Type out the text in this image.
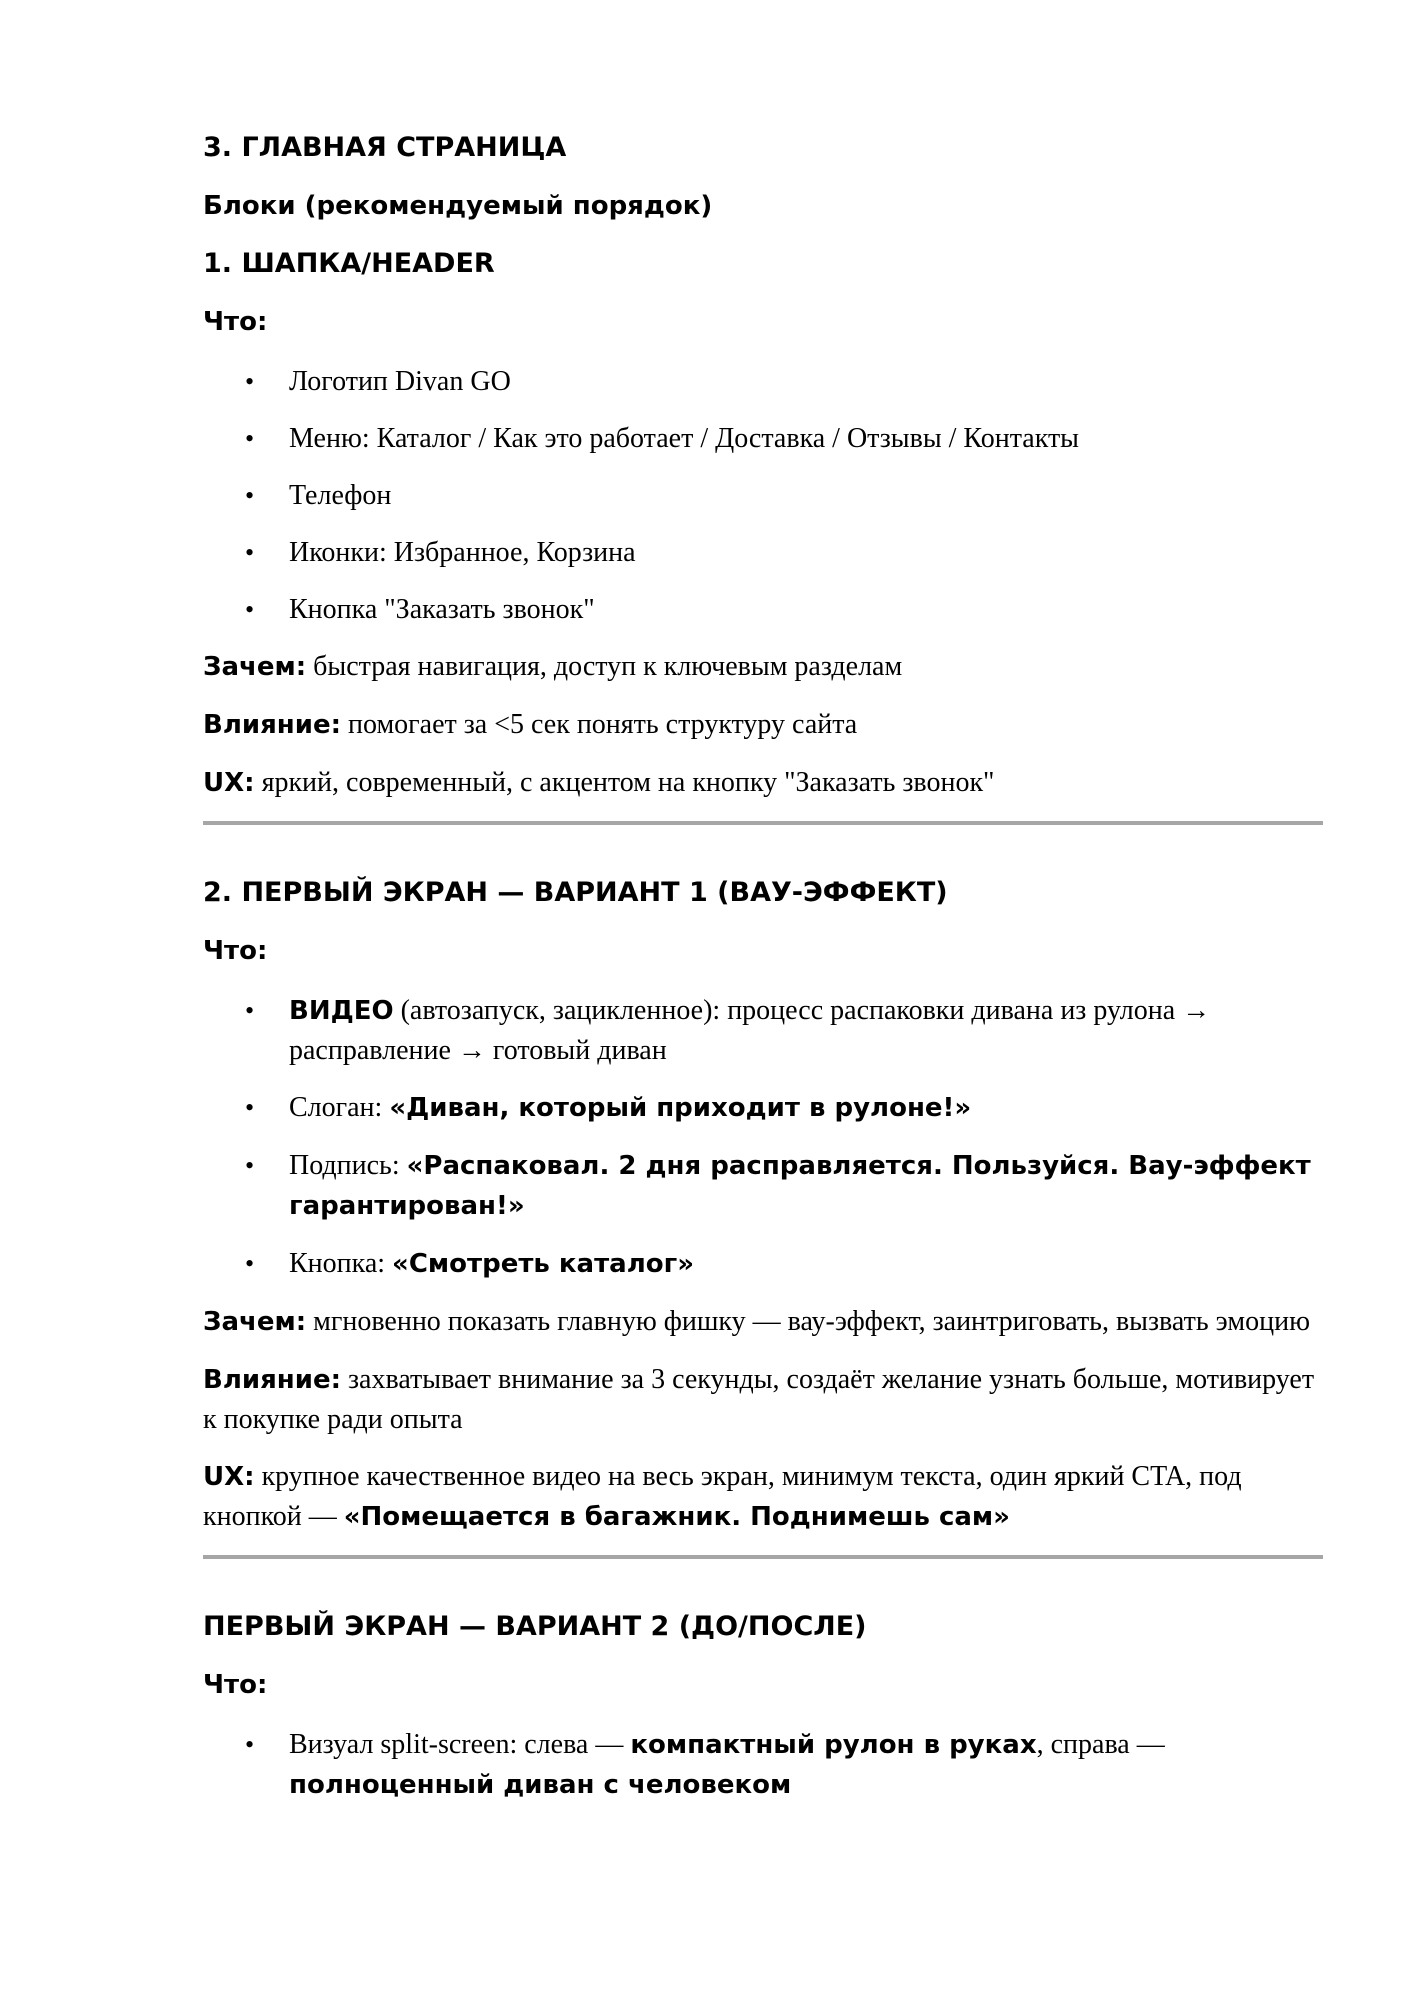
3. ГЛАВНАЯ СТРАНИЦА
Блоки (рекомендуемый порядок)
1. ШАПКА/HEADER
Что:
• Логотип Divan GO
• Меню: Каталог / Как это работает / Доставка / Отзывы / Контакты
• Телефон
• Иконки: Избранное, Корзина
• Кнопка "Заказать звонок"

Зачем: быстрая навигация, доступ к ключевым разделам

Влияние: помогает за <5 сек понять структуру сайта

UX: яркий, современный, с акцентом на кнопку "Заказать звонок"

2. ПЕРВЫЙ ЭКРАН — ВАРИАНТ 1 (ВАУ-ЭФФЕКТ)
Что:
• ВИДЕО (автозапуск, зацикленное): процесс распаковки дивана из рулона → расправление → готовый диван
• Слоган: «Диван, который приходит в рулоне!»
• Подпись: «Распаковал. 2 дня расправляется. Пользуйся. Вау-эффект гарантирован!»
• Кнопка: «Смотреть каталог»

Зачем: мгновенно показать главную фишку — вау-эффект, заинтриговать, вызвать эмоцию

Влияние: захватывает внимание за 3 секунды, создаёт желание узнать больше, мотивирует к покупке ради опыта

UX: крупное качественное видео на весь экран, минимум текста, один яркий CTA, под кнопкой — «Помещается в багажник. Поднимешь сам»

ПЕРВЫЙ ЭКРАН — ВАРИАНТ 2 (ДО/ПОСЛЕ)
Что:
• Визуал split-screen: слева — компактный рулон в руках, справа — полноценный диван с человеком
